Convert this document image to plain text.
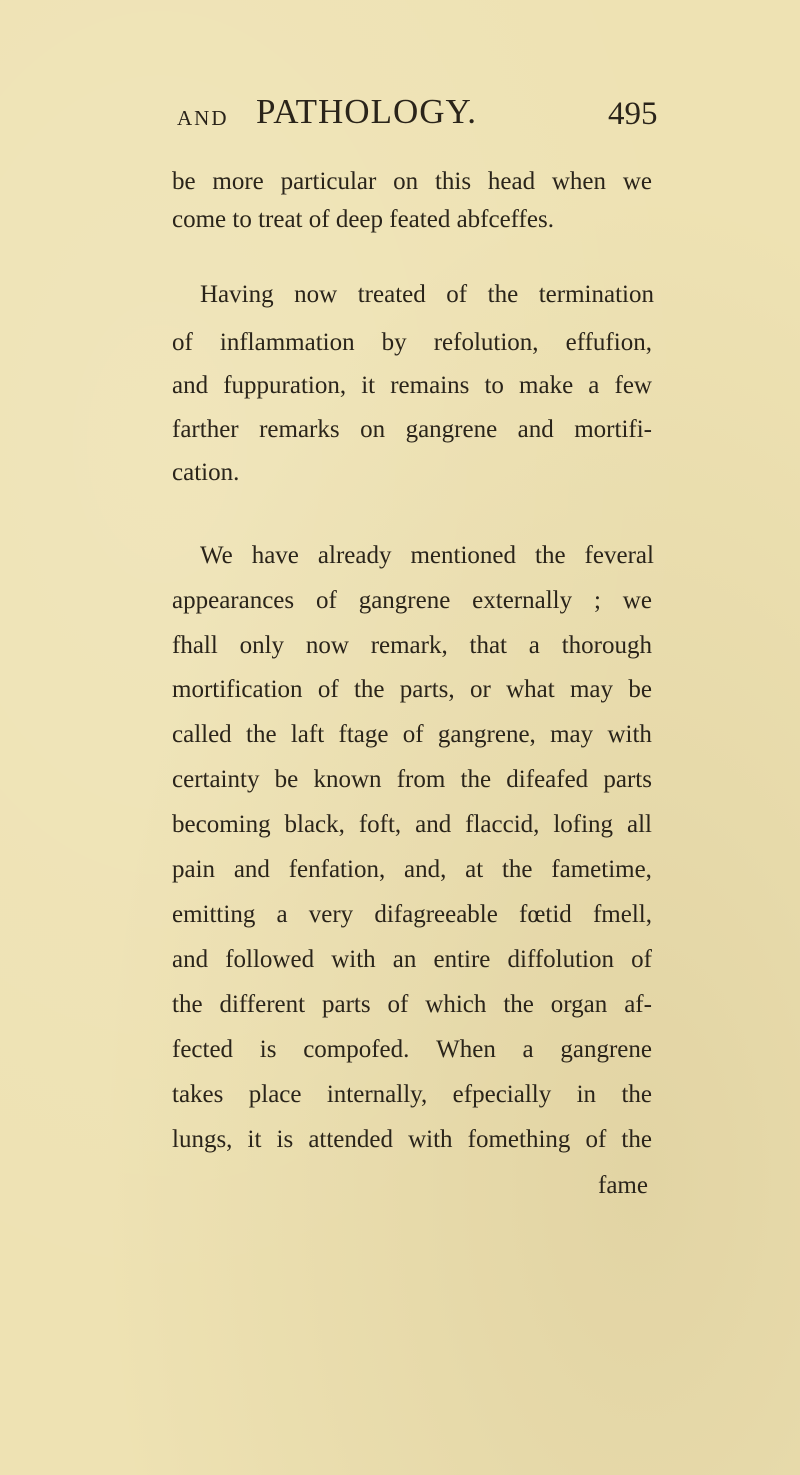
AND PATHOLOGY.	495
be more particular on this head when we
come to treat of deep feated abfceffes.
Having now treated of the termination
of inflammation by refolution, effufion,
and fuppuration, it remains to make a few
farther remarks on gangrene and mortifi-
cation.
We have already mentioned the feveral
appearances of gangrene externally ; we
fhall only now remark, that a thorough
mortification of the parts, or what may be
called the laft ftage of gangrene, may with
certainty be known from the difeafed parts
becoming black, foft, and flaccid, lofing all
pain and fenfation, and, at the fametime,
emitting a very difagreeable fœtid fmell,
and followed with an entire diffolution of
the different parts of which the organ af-
fected is compofed. When a gangrene
takes place internally, efpecially in the
lungs, it is attended with fomething of the
fame
